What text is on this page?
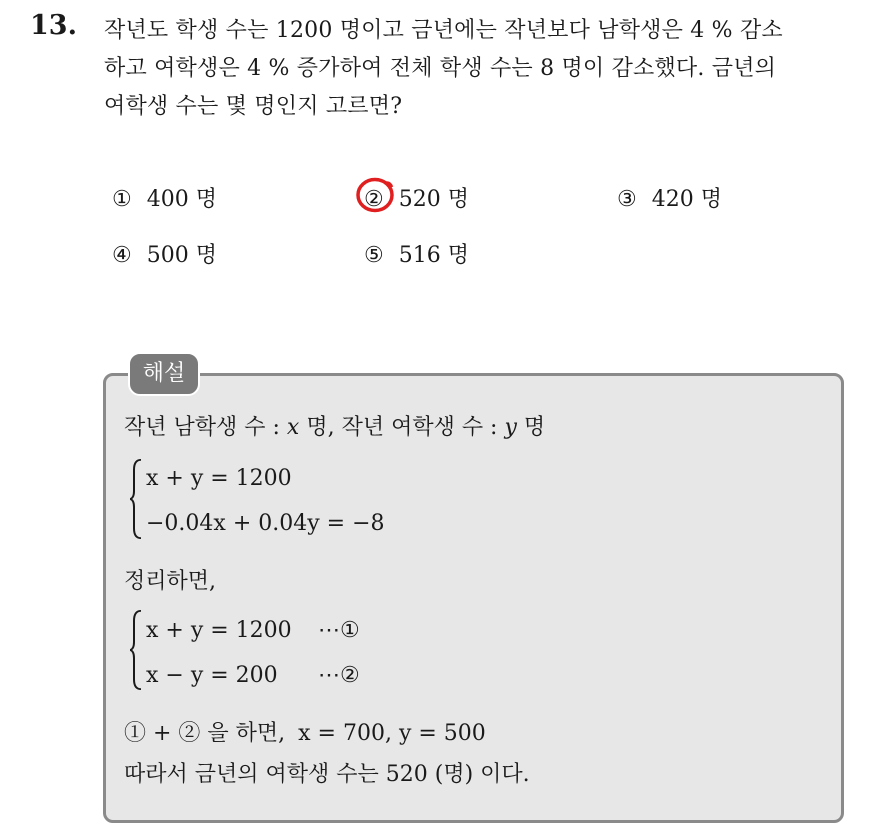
13. 작년도 학생 수는 1200 명이고 금년에는 작년보다 남학생은 4 % 감소
하고 여학생은 4 % 증가하여 전체 학생 수는 8 명이 감소했다. 금년의
여학생 수는 몇 명인지 고르면?
① 400 명	② 520 명	③ 420 명
④ 500 명	⑤ 516 명
해설
작년 남학생 수 : x 명, 작년 여학생 수 : y 명
x + y = 1200
−0.04x + 0.04y = −8
정리하면,
x + y = 1200 ⋯①
x − y = 200 ⋯②
① + ② 을 하면, x = 700, y = 500
따라서 금년의 여학생 수는 520 (명) 이다.
